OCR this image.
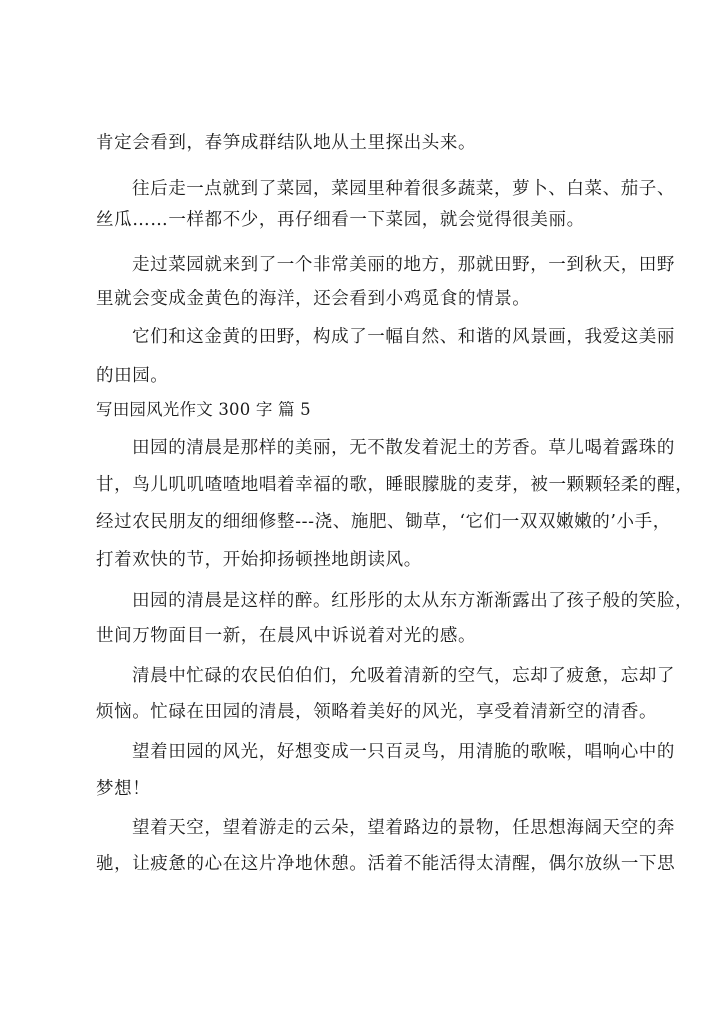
肯定会看到，春笋成群结队地从土里探出头来。
往后走一点就到了菜园，菜园里种着很多蔬菜，萝卜、白菜、茄子、
丝瓜……一样都不少，再仔细看一下菜园，就会觉得很美丽。
走过菜园就来到了一个非常美丽的地方，那就田野，一到秋天，田野
里就会变成金黄色的海洋，还会看到小鸡觅食的情景。
它们和这金黄的田野，构成了一幅自然、和谐的风景画，我爱这美丽
的田园。
写田园风光作文 300 字 篇 5
田园的清晨是那样的美丽，无不散发着泥土的芳香。草儿喝着露珠的
甘，鸟儿叽叽喳喳地唱着幸福的歌，睡眼朦胧的麦芽，被一颗颗轻柔的醒，
经过农民朋友的细细修整---浇、施肥、锄草，‘它们一双双嫩嫩的’小手，
打着欢快的节，开始抑扬顿挫地朗读风。
田园的清晨是这样的醉。红彤彤的太从东方渐渐露出了孩子般的笑脸，
世间万物面目一新，在晨风中诉说着对光的感。
清晨中忙碌的农民伯伯们，允吸着清新的空气，忘却了疲惫，忘却了
烦恼。忙碌在田园的清晨，领略着美好的风光，享受着清新空的清香。
望着田园的风光，好想变成一只百灵鸟，用清脆的歌喉，唱响心中的
梦想！
望着天空，望着游走的云朵，望着路边的景物，任思想海阔天空的奔
驰，让疲惫的心在这片净地休憩。活着不能活得太清醒，偶尔放纵一下思
